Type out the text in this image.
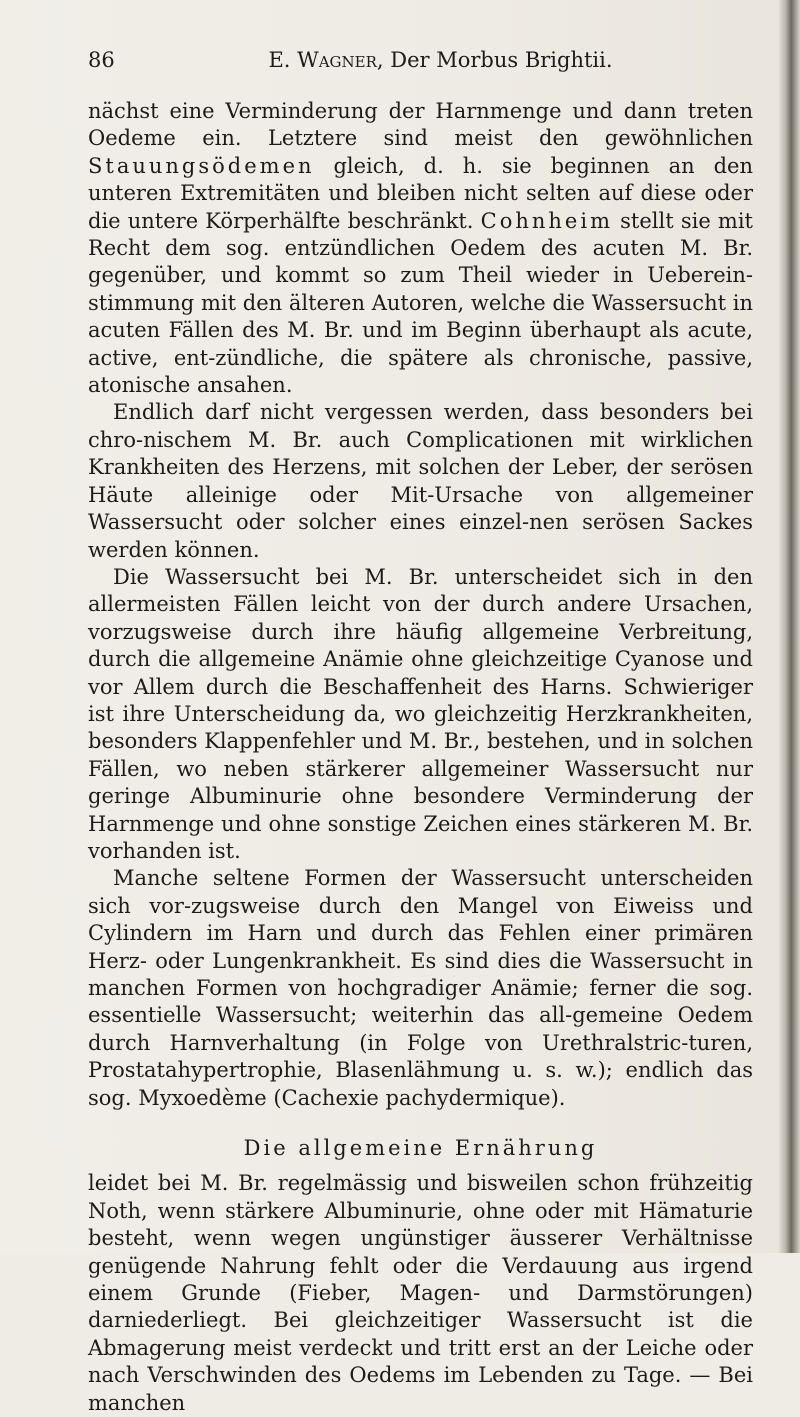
86	E. Wagner, Der Morbus Brightii.

nächst eine Verminderung der Harnmenge und dann treten Oedeme ein. Letztere sind meist den gewöhnlichen Stauungsödemen gleich, d. h. sie beginnen an den unteren Extremitäten und bleiben nicht selten auf diese oder die untere Körperhälfte beschränkt. Cohnheim stellt sie mit Recht dem sog. entzündlichen Oedem des acuten M. Br. gegenüber, und kommt so zum Theil wieder in Ueberein-stimmung mit den älteren Autoren, welche die Wassersucht in acuten Fällen des M. Br. und im Beginn überhaupt als acute, active, ent-zündliche, die spätere als chronische, passive, atonische ansahen.

Endlich darf nicht vergessen werden, dass besonders bei chro-nischem M. Br. auch Complicationen mit wirklichen Krankheiten des Herzens, mit solchen der Leber, der serösen Häute alleinige oder Mit-Ursache von allgemeiner Wassersucht oder solcher eines einzel-nen serösen Sackes werden können.

Die Wassersucht bei M. Br. unterscheidet sich in den allermeisten Fällen leicht von der durch andere Ursachen, vorzugsweise durch ihre häufig allgemeine Verbreitung, durch die allgemeine Anämie ohne gleichzeitige Cyanose und vor Allem durch die Beschaffenheit des Harns. Schwieriger ist ihre Unterscheidung da, wo gleichzeitig Herzkrankheiten, besonders Klappenfehler und M. Br., bestehen, und in solchen Fällen, wo neben stärkerer allgemeiner Wassersucht nur geringe Albuminurie ohne besondere Verminderung der Harnmenge und ohne sonstige Zeichen eines stärkeren M. Br. vorhanden ist.

Manche seltene Formen der Wassersucht unterscheiden sich vor-zugsweise durch den Mangel von Eiweiss und Cylindern im Harn und durch das Fehlen einer primären Herz- oder Lungenkrankheit. Es sind dies die Wassersucht in manchen Formen von hochgradiger Anämie; ferner die sog. essentielle Wassersucht; weiterhin das all-gemeine Oedem durch Harnverhaltung (in Folge von Urethralstric-turen, Prostatahypertrophie, Blasenlähmung u. s. w.); endlich das sog. Myxoedème (Cachexie pachydermique).

Die allgemeine Ernährung

leidet bei M. Br. regelmässig und bisweilen schon frühzeitig Noth, wenn stärkere Albuminurie, ohne oder mit Hämaturie besteht, wenn wegen ungünstiger äusserer Verhältnisse genügende Nahrung fehlt oder die Verdauung aus irgend einem Grunde (Fieber, Magen- und Darmstörungen) darniederliegt. Bei gleichzeitiger Wassersucht ist die Abmagerung meist verdeckt und tritt erst an der Leiche oder nach Verschwinden des Oedems im Lebenden zu Tage. — Bei manchen
